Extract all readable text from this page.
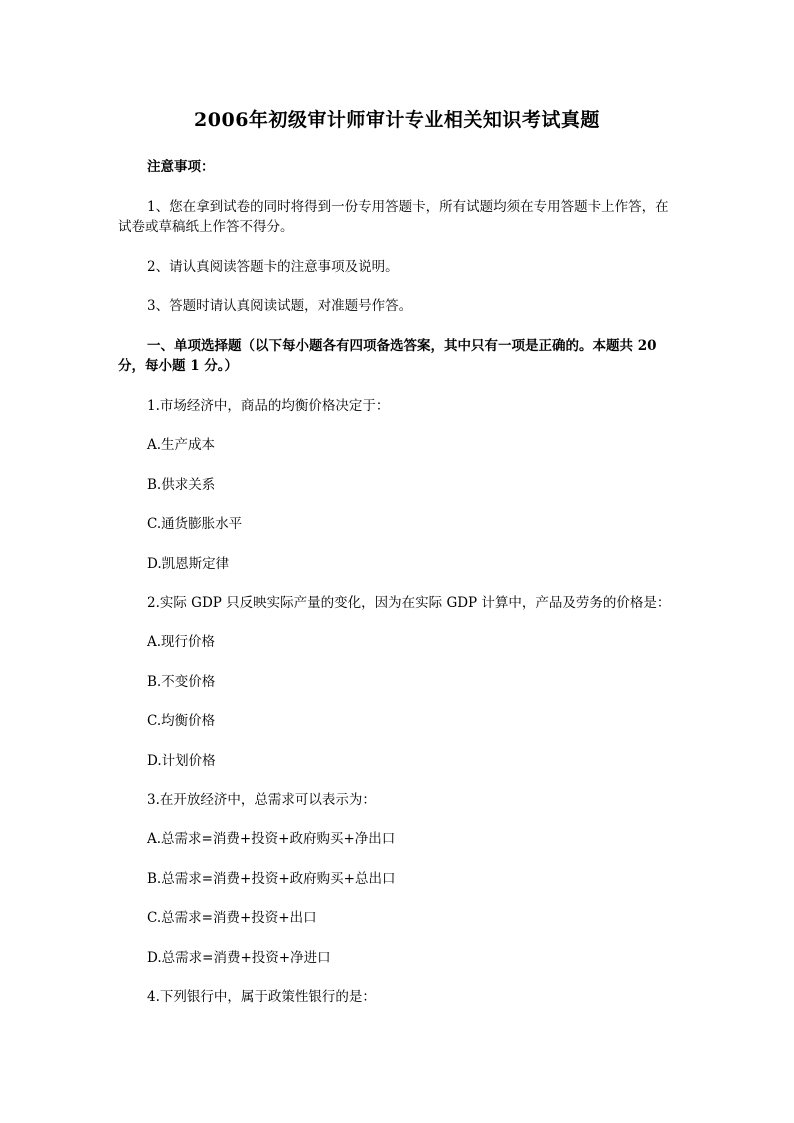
2006年初级审计师审计专业相关知识考试真题
注意事项：
1、您在拿到试卷的同时将得到一份专用答题卡，所有试题均须在专用答题卡上作答，在试卷或草稿纸上作答不得分。
2、请认真阅读答题卡的注意事项及说明。
3、答题时请认真阅读试题，对准题号作答。
一、单项选择题（以下每小题各有四项备选答案，其中只有一项是正确的。本题共 20 分，每小题 1 分。）
1.市场经济中，商品的均衡价格决定于：
A.生产成本
B.供求关系
C.通货膨胀水平
D.凯恩斯定律
2.实际 GDP 只反映实际产量的变化，因为在实际 GDP 计算中，产品及劳务的价格是：
A.现行价格
B.不变价格
C.均衡价格
D.计划价格
3.在开放经济中，总需求可以表示为：
A.总需求=消费+投资+政府购买+净出口
B.总需求=消费+投资+政府购买+总出口
C.总需求=消费+投资+出口
D.总需求=消费+投资+净进口
4.下列银行中，属于政策性银行的是：
